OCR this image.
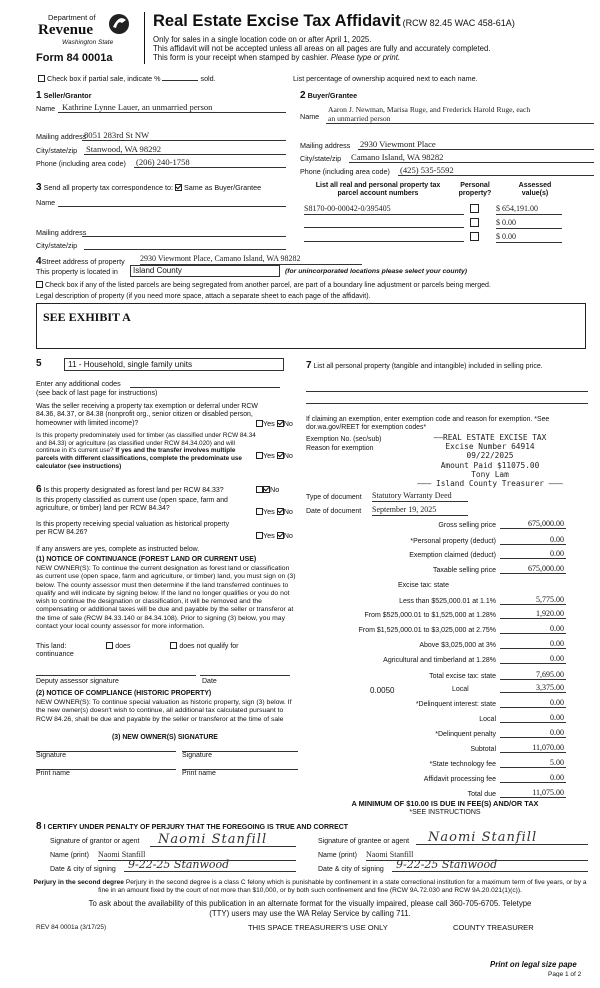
Department of
Revenue
Washington State
Form 84 0001a
Real Estate Excise Tax Affidavit (RCW 82.45 WAC 458-61A)
Only for sales in a single location code on or after April 1, 2025.
This affidavit will not be accepted unless all areas on all pages are fully and accurately completed.
This form is your receipt when stamped by cashier. Please type or print.
Check box if partial sale, indicate %	sold.	List percentage of ownership acquired next to each name.
1 Seller/Grantor
Name Kathrine Lynne Lauer, an unmarried person
Mailing address
8051 283rd St NW
City/state/zip Stanwood, WA 98292
Phone (including area code) (206) 240-1758
2 Buyer/Grantee
Name
Aaron J. Newman, Marisa Ruge, and Frederick Harold Ruge, each
an unmarried person
Mailing address 2930 Viewmont Place
City/state/zip Camano Island, WA 98282
Phone (including area code) (425) 535-5592
3 Send all property tax correspondence to: Same as Buyer/Grantee
Name
Mailing address
City/state/zip
List all real and personal property tax parcel account numbers
Personal property?
Assessed value(s)
S8170-00-00042-0/395405	$ 654,191.00
$ 0.00
$ 0.00
4Street address of property 2930 Viewmont Place, Camano Island, WA 98282
This property is located in	Island County	(for unincorporated locations please select your county)
Check box if any of the listed parcels are being segregated from another parcel, are part of a boundary line adjustment or parcels being merged.
Legal description of property (if you need more space, attach a separate sheet to each page of the affidavit).
SEE EXHIBIT A
5	11 - Household, single family units
Enter any additional codes
(see back of last page for instructions)
Was the seller receiving a property tax exemption or deferral under RCW 84.36, 84.37, or 84.38 (nonprofit org., senior citizen or disabled person, homeowner with limited income)?	Yes No
Is this property predominately used for timber (as classified under RCW 84.34 and 84.33) or agriculture (as classified under RCW 84.34.020) and will continue in it's current use? If yes and the transfer involves multiple parcels with different classifications, complete the predominate use calculator (see instructions)
Yes No
6 Is this property designated as forest land per RCW 84.33?	No
Is this property classified as current use (open space, farm and agriculture, or timber) land per RCW 84.34?	Yes No
Is this property receiving special valuation as historical property per RCW 84.26?	Yes No
If any answers are yes, complete as instructed below.
(1) NOTICE OF CONTINUANCE (FOREST LAND OR CURRENT USE)
NEW OWNER(S): To continue the current designation as forest land or classification as current use (open space, farm and agriculture, or timber) land, you must sign on (3) below. The county assessor must then determine if the land transferred continues to qualify and will indicate by signing below. If the land no longer qualifies or you do not wish to continue the designation or classification, it will be removed and the compensating or additional taxes will be due and payable by the seller or transferor at the time of sale (RCW 84.33.140 or 84.34.108). Prior to signing (3) below, you may contact your local county assessor for more information.
This land:	does	does not qualify for
continuance
Deputy assessor signature	Date
(2) NOTICE OF COMPLIANCE (HISTORIC PROPERTY)
NEW OWNER(S): To continue special valuation as historic property, sign (3) below. If the new owner(s) doesn't wish to continue, all additional tax calculated pursuant to RCW 84.26, shall be due and payable by the seller or transferor at the time of sale
(3) NEW OWNER(S) SIGNATURE
Signature	Signature
Print name	Print name
7 List all personal property (tangible and intangible) included in selling price.
If claiming an exemption, enter exemption code and reason for exemption. *See dor.wa.gov/REET for exemption codes*
Exemption No. (sec/sub)
Reason for exemption
——REAL ESTATE EXCISE TAX
Excise Number 64914
09/22/2025
Amount Paid $11075.00
Tony Lam
——— Island County Treasurer ———
Type of document Statutory Warranty Deed
Date of document September 19, 2025
Gross selling price	675,000.00
*Personal property (deduct)	0.00
Exemption claimed (deduct)	0.00
Taxable selling price	675,000.00
Excise tax: state
Less than $525,000.01 at 1.1%	5,775.00
From $525,000.01 to $1,525,000 at 1.28%	1,920.00
From $1,525,000.01 to $3,025,000 at 2.75%	0.00
Above $3,025,000 at 3%	0.00
Agricultural and timberland at 1.28%	0.00
Total excise tax: state	7,695.00
0.0050	Local	3,375.00
*Delinquent interest: state	0.00
Local	0.00
*Delinquent penalty	0.00
Subtotal	11,070.00
*State technology fee	5.00
Affidavit processing fee	0.00
Total due	11,075.00
A MINIMUM OF $10.00 IS DUE IN FEE(S) AND/OR TAX
*SEE INSTRUCTIONS
8 I CERTIFY UNDER PENALTY OF PERJURY THAT THE FOREGOING IS TRUE AND CORRECT
Signature of grantor or agent	Naomi Stanfill
Name (print) Naomi Stanfill
Date & city of signing	9-22-25 Stanwood
Signature of grantee or agent	Naomi Stanfill
Name (print) Naomi Stanfill
Date & city of signing	9-22-25 Stanwood
Perjury in the second degree Perjury in the second degree is a class C felony which is punishable by confinement in a state correctional institution for a maximum term of five years, or by a fine in an amount fixed by the court of not more than $10,000, or by both such confinement and fine (RCW 9A.72.030 and RCW 9A.20.021(1)(c)).
To ask about the availability of this publication in an alternate format for the visually impaired, please call 360-705-6705. Teletype
(TTY) users may use the WA Relay Service by calling 711.
REV 84 0001a (3/17/25)	THIS SPACE TREASURER'S USE ONLY	COUNTY TREASURER
Print on legal size pape
Page 1 of 2
